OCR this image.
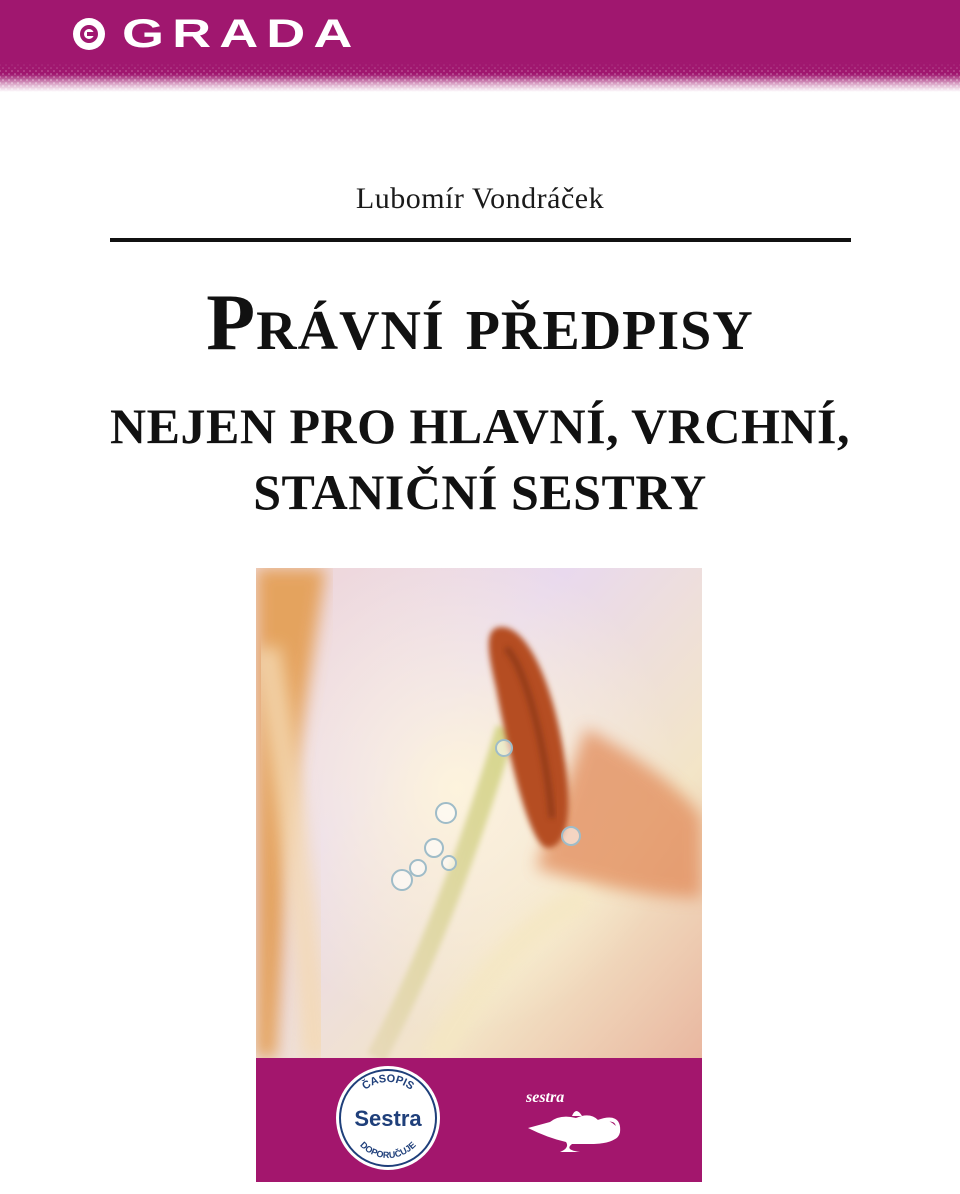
GRADA
Lubomír Vondráček
Právní předpisy
NEJEN PRO HLAVNÍ, VRCHNÍ,
STANIČNÍ SESTRY
ČASOPIS
Sestra
DOPORUČUJE
sestra
